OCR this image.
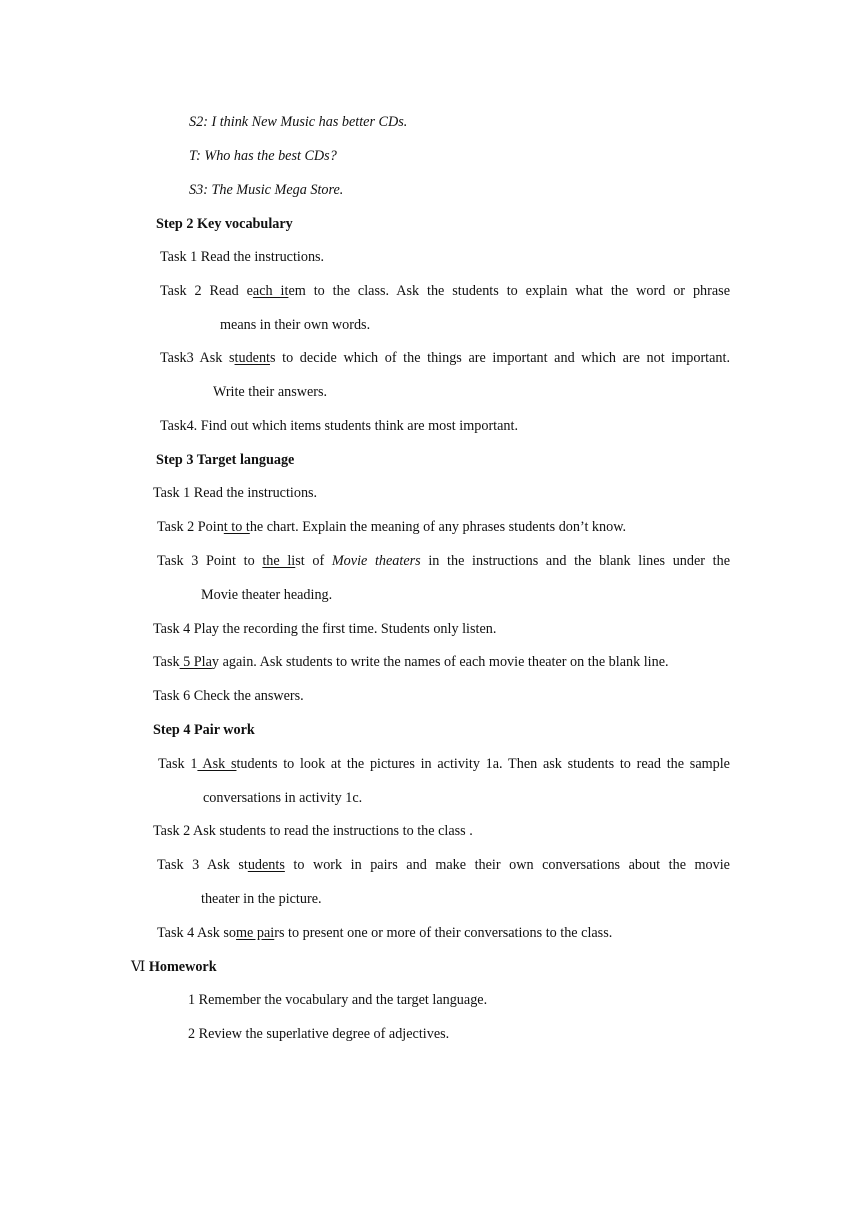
S2: I think New Music has better CDs.
T: Who has the best CDs?
S3: The Music Mega Store.
Step 2 Key vocabulary
Task 1 Read the instructions.
Task 2 Read each item to the class. Ask the students to explain what the word or phrase
means in their own words.
Task3 Ask students to decide which of the things are important and which are not important.
Write their answers.
Task4. Find out which items students think are most important.
Step 3 Target language
Task 1 Read the instructions.
Task 2 Point to the chart. Explain the meaning of any phrases students don’t know.
Task 3 Point to the list of Movie theaters in the instructions and the blank lines under the
Movie theater heading.
Task 4 Play the recording the first time. Students only listen.
Task 5 Play again. Ask students to write the names of each movie theater on the blank line.
Task 6 Check the answers.
Step 4 Pair work
Task 1 Ask students to look at the pictures in activity 1a. Then ask students to read the sample
conversations in activity 1c.
Task 2 Ask students to read the instructions to the class .
Task 3 Ask students to work in pairs and make their own conversations about the movie
theater in the picture.
Task 4 Ask some pairs to present one or more of their conversations to the class.
Ⅵ Homework
1 Remember the vocabulary and the target language.
2 Review the superlative degree of adjectives.
